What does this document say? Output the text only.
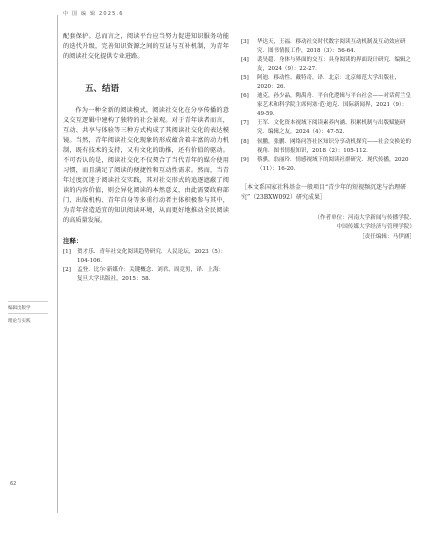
中 国 编 辑 2025.6
编辑出版学
理论与实践
62

配套保护。总而言之，阅读平台应当努力促进知识服务功能的迭代升级，完善知识资源之间的互证与互补机制，为青年的阅读社交化提供专业进路。

五、结语

作为一种全新的阅读模式，阅读社交化在分享传播的意义交互逻辑中建构了独特的社会景观。对于青年读者而言，互动、共享与体验等三种方式构成了其阅读社交化的表达模镜。当然，青年阅读社交化现象的形成蕴含着丰富的动力机制，既有技术的支持，又有文化的助推，还有价值的驱动。不可否认的是，阅读社交化不仅契合了当代青年的媒介使用习惯，而且满足了阅读的便捷性和互动性需求。然而，当青年过度沉迷于阅读社交实践，其对社交形式的追逐遮蔽了阅读的内容价值，则会异化阅读的本然意义，由此需要政府部门、出版机构、青年自身等多重行动者主体积极参与其中，为青年营造适宜的知识阅读环境，从而更好地推动全民阅读的高质量发展。

注释：
[1]	贺才乐．青年社交化阅读趋势研究．人民论坛，2023（5）：104-106.
[2]	孟登．比尔·新媒介：关键概念．刘君、周竞男，译．上海：复旦大学出版社，2015：58.
[3]	华达天，王福．移动社交时代数字阅读互动机制及互动效应研究．图书情报工作，2018（3）：56-64.
[4]	裴昊超．身体与界面的交互：具身阅读的界面设计研究．编辑之友，2024（9）：22-27.
[5]	阿迪．移动性、戴特奇，译．北京：北京师范大学出版社，2020：26.
[6]	迪克，孙少晶，陶禹舟．平台化逻辑与平台社会——对话荷兰皇家艺术和科学院主席何塞·范·迪克．国际新闻界，2021（9）：49-59.
[7]	王军．文化资本视域下阅读素养内涵、积累机制与出版赋能研究．编辑之友，2024（4）：47-52.
[8]	侯鹏，张鹏．网络问答社区知识分享动机探究——社会交换论的视角．图书情报知识，2018（2）：105-112.
[9]	蔡骐，翁丽玲．情感视域下的阅读社群研究．现代传播，2020（11）：16-20.
［本文系国家社科基金一般项目“青少年的短视频沉迷与治理研究”（23BXW092）研究成果］
（作者单位：河南大学新闻与传播学院、
中国传媒大学经济与管理学院）
［责任编辑：马伊涵］
